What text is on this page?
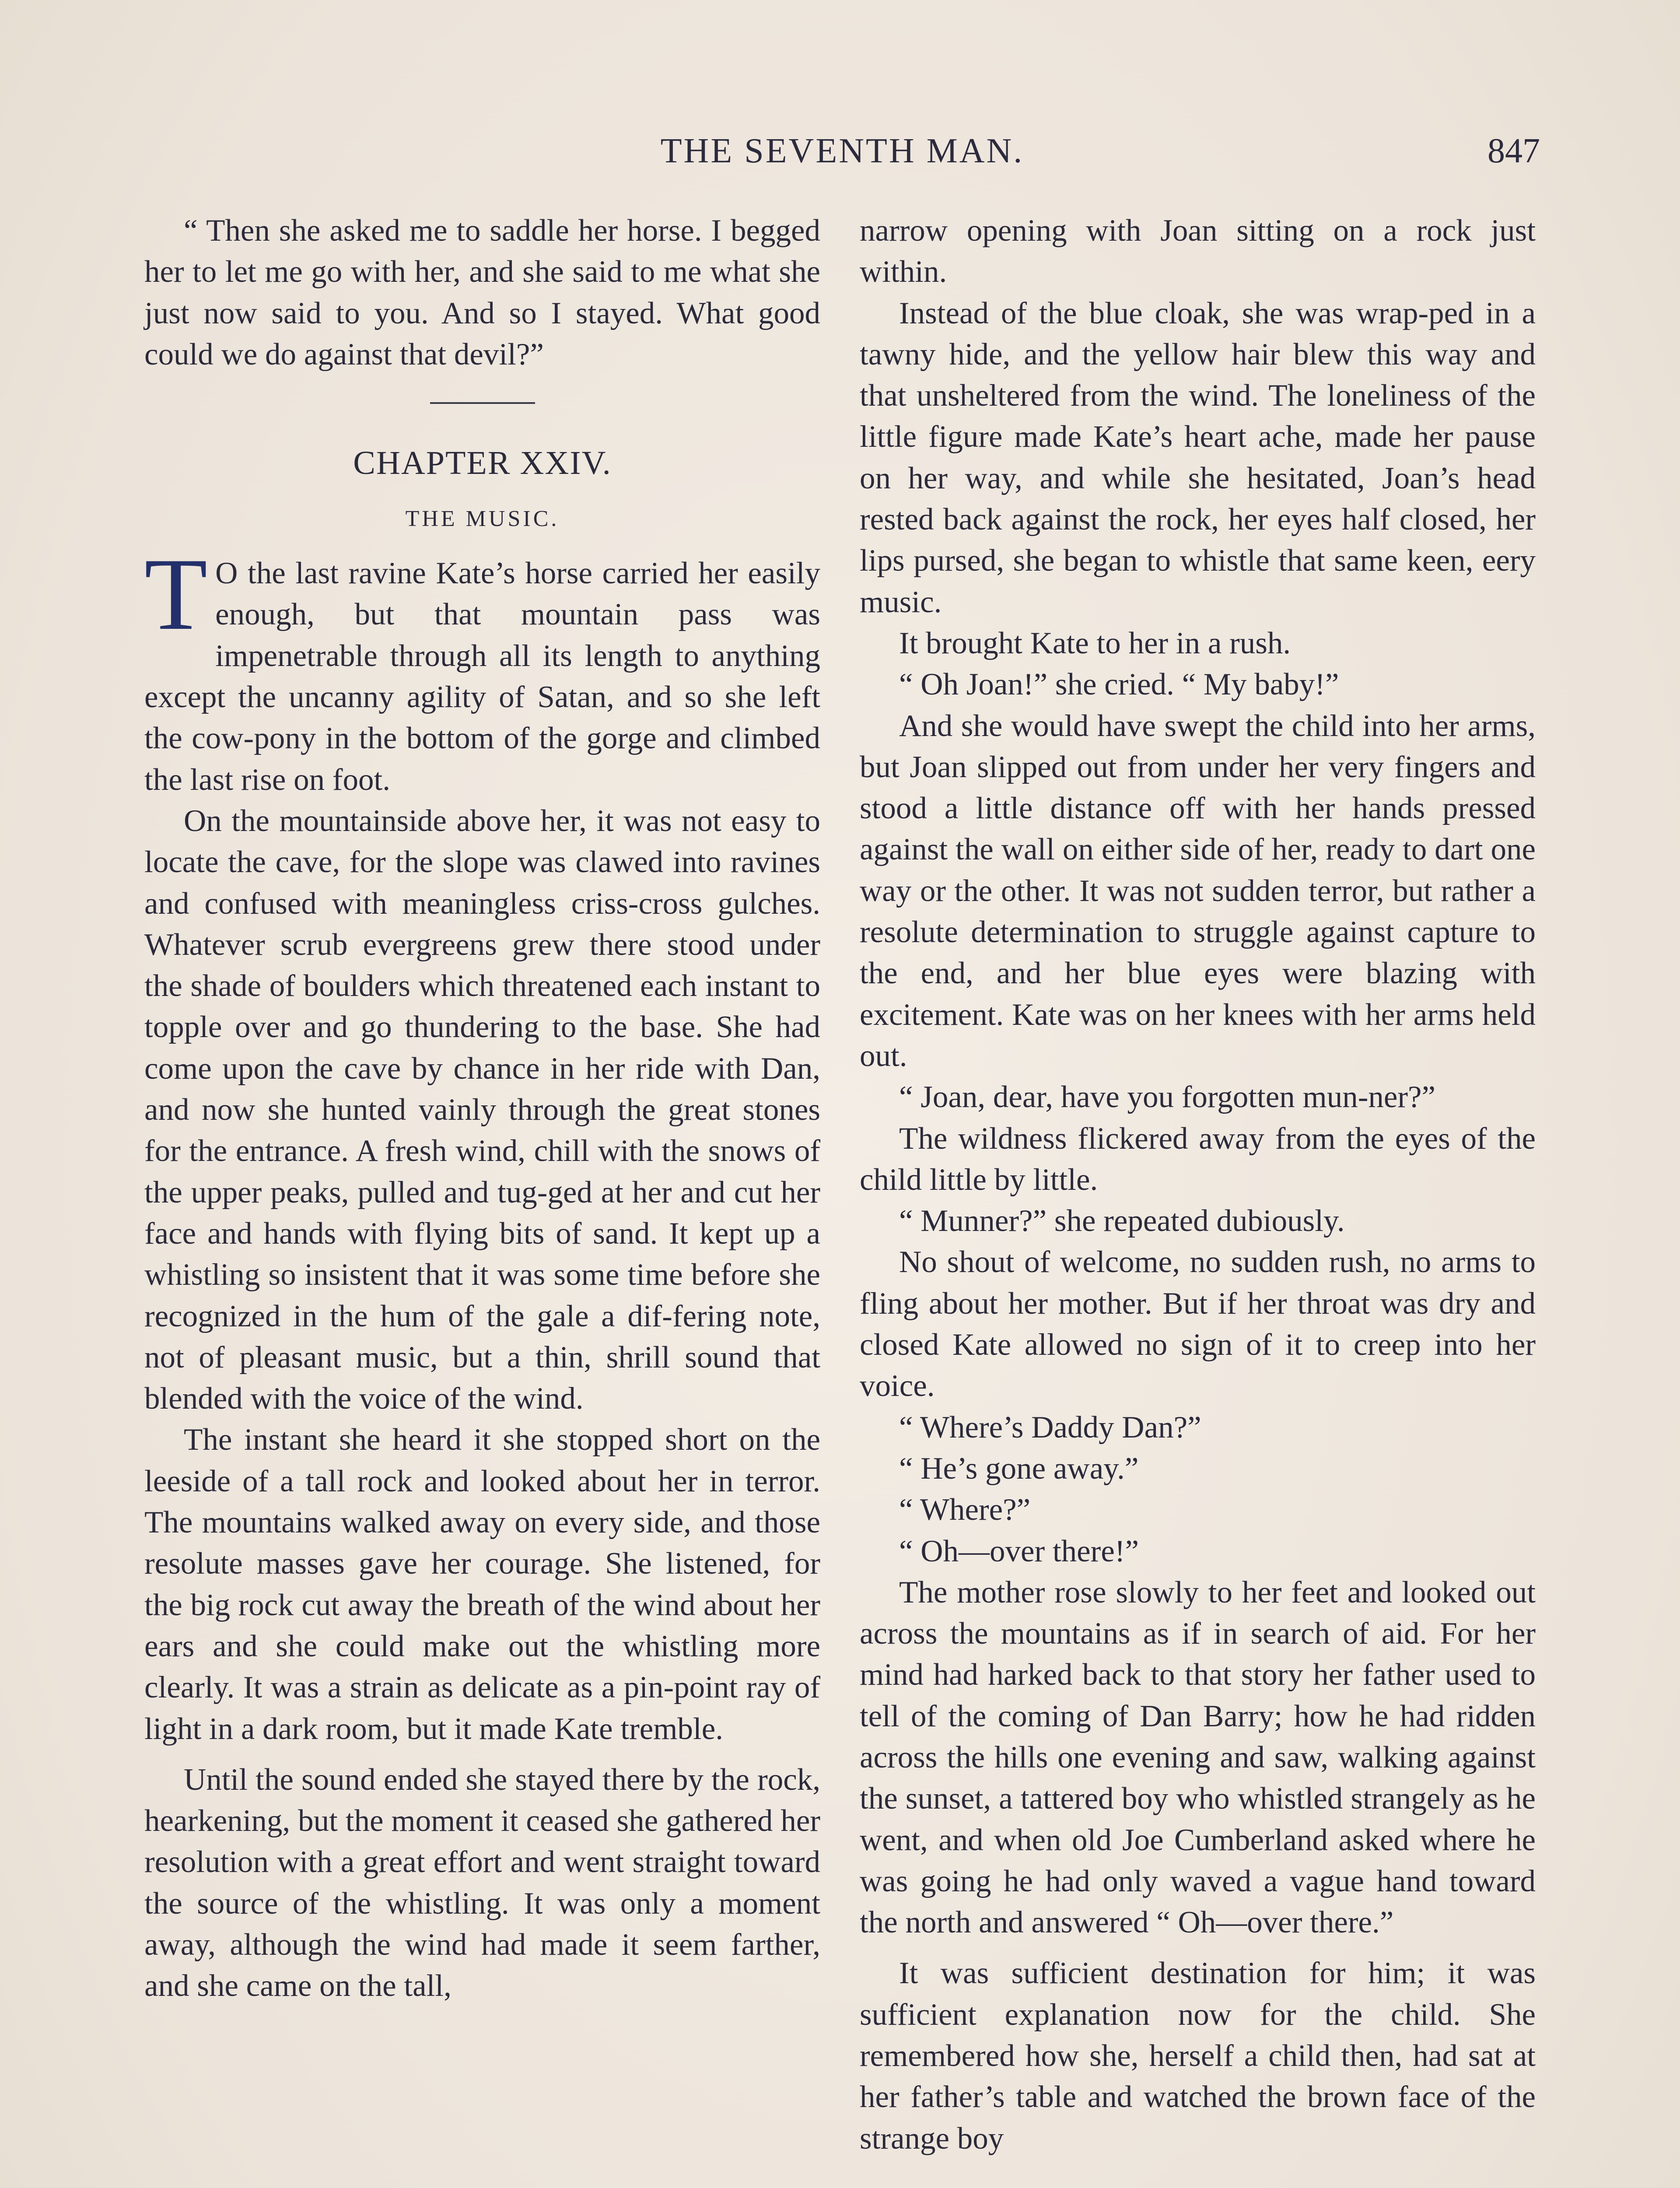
THE SEVENTH MAN.	847

“ Then she asked me to saddle her horse. I begged her to let me go with her, and she said to me what she just now said to you. And so I stayed. What good could we do against that devil?”

CHAPTER XXIV.
THE MUSIC.

T O the last ravine Kate’s horse carried her easily enough, but that mountain pass was impenetrable through all its length to anything except the uncanny agility of Satan, and so she left the cow-pony in the bottom of the gorge and climbed the last rise on foot.

On the mountainside above her, it was not easy to locate the cave, for the slope was clawed into ravines and confused with meaningless criss-cross gulches. Whatever scrub evergreens grew there stood under the shade of boulders which threatened each instant to topple over and go thundering to the base. She had come upon the cave by chance in her ride with Dan, and now she hunted vainly through the great stones for the entrance. A fresh wind, chill with the snows of the upper peaks, pulled and tug-ged at her and cut her face and hands with flying bits of sand. It kept up a whistling so insistent that it was some time before she recognized in the hum of the gale a dif-fering note, not of pleasant music, but a thin, shrill sound that blended with the voice of the wind.

The instant she heard it she stopped short on the leeside of a tall rock and looked about her in terror. The mountains walked away on every side, and those resolute masses gave her courage. She listened, for the big rock cut away the breath of the wind about her ears and she could make out the whistling more clearly. It was a strain as delicate as a pin-point ray of light in a dark room, but it made Kate tremble.

Until the sound ended she stayed there by the rock, hearkening, but the moment it ceased she gathered her resolution with a great effort and went straight toward the source of the whistling. It was only a moment away, although the wind had made it seem farther, and she came on the tall,

narrow opening with Joan sitting on a rock just within.

Instead of the blue cloak, she was wrap-ped in a tawny hide, and the yellow hair blew this way and that unsheltered from the wind. The loneliness of the little figure made Kate’s heart ache, made her pause on her way, and while she hesitated, Joan’s head rested back against the rock, her eyes half closed, her lips pursed, she began to whistle that same keen, eery music.

It brought Kate to her in a rush.

“ Oh Joan!” she cried. “ My baby!”

And she would have swept the child into her arms, but Joan slipped out from under her very fingers and stood a little distance off with her hands pressed against the wall on either side of her, ready to dart one way or the other. It was not sudden terror, but rather a resolute determination to struggle against capture to the end, and her blue eyes were blazing with excitement. Kate was on her knees with her arms held out.

“ Joan, dear, have you forgotten mun-ner?”

The wildness flickered away from the eyes of the child little by little.

“ Munner?” she repeated dubiously.

No shout of welcome, no sudden rush, no arms to fling about her mother. But if her throat was dry and closed Kate allowed no sign of it to creep into her voice.

“ Where’s Daddy Dan?”

“ He’s gone away.”

“ Where?”

“ Oh—over there!”

The mother rose slowly to her feet and looked out across the mountains as if in search of aid. For her mind had harked back to that story her father used to tell of the coming of Dan Barry; how he had ridden across the hills one evening and saw, walking against the sunset, a tattered boy who whistled strangely as he went, and when old Joe Cumberland asked where he was going he had only waved a vague hand toward the north and answered “ Oh—over there.”

It was sufficient destination for him; it was sufficient explanation now for the child. She remembered how she, herself a child then, had sat at her father’s table and watched the brown face of the strange boy
